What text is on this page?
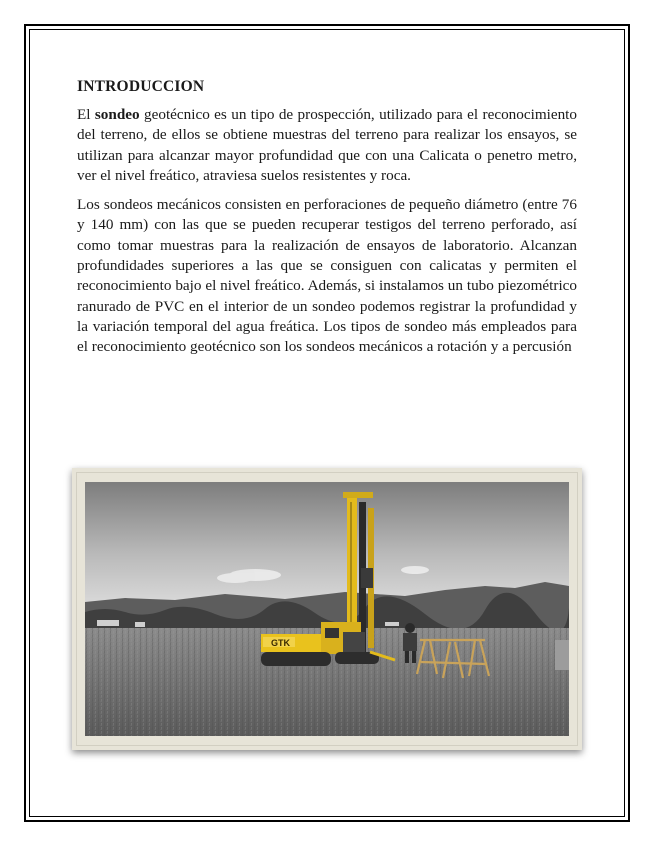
INTRODUCCION

El sondeo geotécnico es un tipo de prospección, utilizado para el reconocimiento del terreno, de ellos se obtiene muestras del terreno para realizar los ensayos, se utilizan para alcanzar mayor profundidad que con una Calicata o penetro metro, ver el nivel freático, atraviesa suelos resistentes y roca.

Los sondeos mecánicos consisten en perforaciones de pequeño diámetro (entre 76 y 140 mm) con las que se pueden recuperar testigos del terreno perforado, así como tomar muestras para la realización de ensayos de laboratorio. Alcanzan profundidades superiores a las que se consiguen con calicatas y permiten el reconocimiento bajo el nivel freático. Además, si instalamos un tubo piezométrico ranurado de PVC en el interior de un sondeo podemos registrar la profundidad y la variación temporal del agua freática. Los tipos de sondeo más empleados para el reconocimiento geotécnico son los sondeos mecánicos a rotación y a percusión

GTK
